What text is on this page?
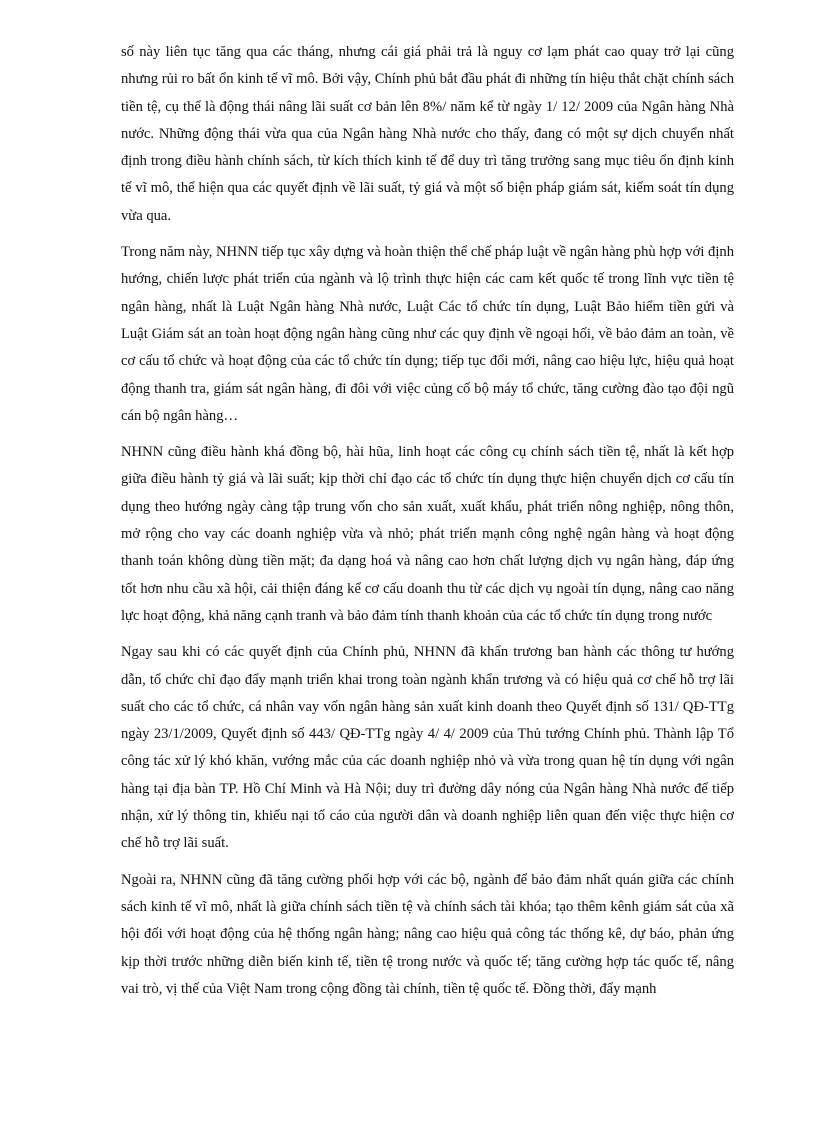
số này liên tục tăng qua các tháng, nhưng cái giá phải trả là nguy cơ lạm phát cao quay trở lại cũng nhưng rủi ro bất ổn kinh tế vĩ mô. Bởi vậy, Chính phủ bắt đầu phát đi những tín hiệu thắt chặt chính sách tiền tệ, cụ thể là động thái nâng lãi suất cơ bản lên 8%/ năm kể từ ngày 1/ 12/ 2009 của Ngân hàng Nhà nước. Những động thái vừa qua của Ngân hàng Nhà nước cho thấy, đang có một sự dịch chuyển nhất định trong điều hành chính sách, từ kích thích kinh tế để duy trì tăng trưởng sang mục tiêu ổn định kinh tế vĩ mô, thể hiện qua các quyết định về lãi suất, tỷ giá và một số biện pháp giám sát, kiểm soát tín dụng vừa qua.

Trong năm này, NHNN tiếp tục xây dựng và hoàn thiện thể chế pháp luật về ngân hàng phù hợp với định hướng, chiến lược phát triển của ngành và lộ trình thực hiện các cam kết quốc tế trong lĩnh vực tiền tệ ngân hàng, nhất là Luật Ngân hàng Nhà nước, Luật Các tổ chức tín dụng, Luật Bảo hiểm tiền gửi và Luật Giám sát an toàn hoạt động ngân hàng cũng như các quy định về ngoại hối, về bảo đảm an toàn, về cơ cấu tổ chức và hoạt động của các tổ chức tín dụng; tiếp tục đổi mới, nâng cao hiệu lực, hiệu quả hoạt động thanh tra, giám sát ngân hàng, đi đôi với việc củng cố bộ máy tổ chức, tăng cường đào tạo đội ngũ cán bộ ngân hàng…

NHNN cũng điều hành khá đồng bộ, hài hũa, linh hoạt các công cụ chính sách tiền tệ, nhất là kết hợp giữa điều hành tỷ giá và lãi suất; kịp thời chỉ đạo các tổ chức tín dụng thực hiện chuyển dịch cơ cấu tín dụng theo hướng ngày càng tập trung vốn cho sản xuất, xuất khẩu, phát triển nông nghiệp, nông thôn, mở rộng cho vay các doanh nghiệp vừa và nhỏ; phát triển mạnh công nghệ ngân hàng và hoạt động thanh toán không dùng tiền mặt; đa dạng hoá và nâng cao hơn chất lượng dịch vụ ngân hàng, đáp ứng tốt hơn nhu cầu xã hội, cải thiện đáng kể cơ cấu doanh thu từ các dịch vụ ngoài tín dụng, nâng cao năng lực hoạt động, khả năng cạnh tranh và bảo đảm tính thanh khoản của các tổ chức tín dụng trong nước

Ngay sau khi có các quyết định của Chính phủ, NHNN đã khẩn trương ban hành các thông tư hướng dẫn, tổ chức chỉ đạo đẩy mạnh triển khai trong toàn ngành khẩn trương và có hiệu quả cơ chế hỗ trợ lãi suất cho các tổ chức, cá nhân vay vốn ngân hàng sản xuất kinh doanh theo Quyết định số 131/ QĐ-TTg ngày 23/1/2009, Quyết định số 443/ QĐ-TTg ngày 4/ 4/ 2009 của Thủ tướng Chính phủ. Thành lập Tổ công tác xử lý khó khăn, vướng mắc của các doanh nghiệp nhỏ và vừa trong quan hệ tín dụng với ngân hàng tại địa bàn TP. Hồ Chí Minh và Hà Nội; duy trì đường dây nóng của Ngân hàng Nhà nước để tiếp nhận, xử lý thông tin, khiếu nại tố cáo của người dân và doanh nghiệp liên quan đến việc thực hiện cơ chế hỗ trợ lãi suất.

Ngoài ra, NHNN cũng đã tăng cường phối hợp với các bộ, ngành để bảo đảm nhất quán giữa các chính sách kinh tế vĩ mô, nhất là giữa chính sách tiền tệ và chính sách tài khóa; tạo thêm kênh giám sát của xã hội đối với hoạt động của hệ thống ngân hàng; nâng cao hiệu quả công tác thống kê, dự báo, phản ứng kịp thời trước những diễn biến kinh tế, tiền tệ trong nước và quốc tế; tăng cường hợp tác quốc tế, nâng vai trò, vị thế của Việt Nam trong cộng đồng tài chính, tiền tệ quốc tế. Đồng thời, đẩy mạnh
